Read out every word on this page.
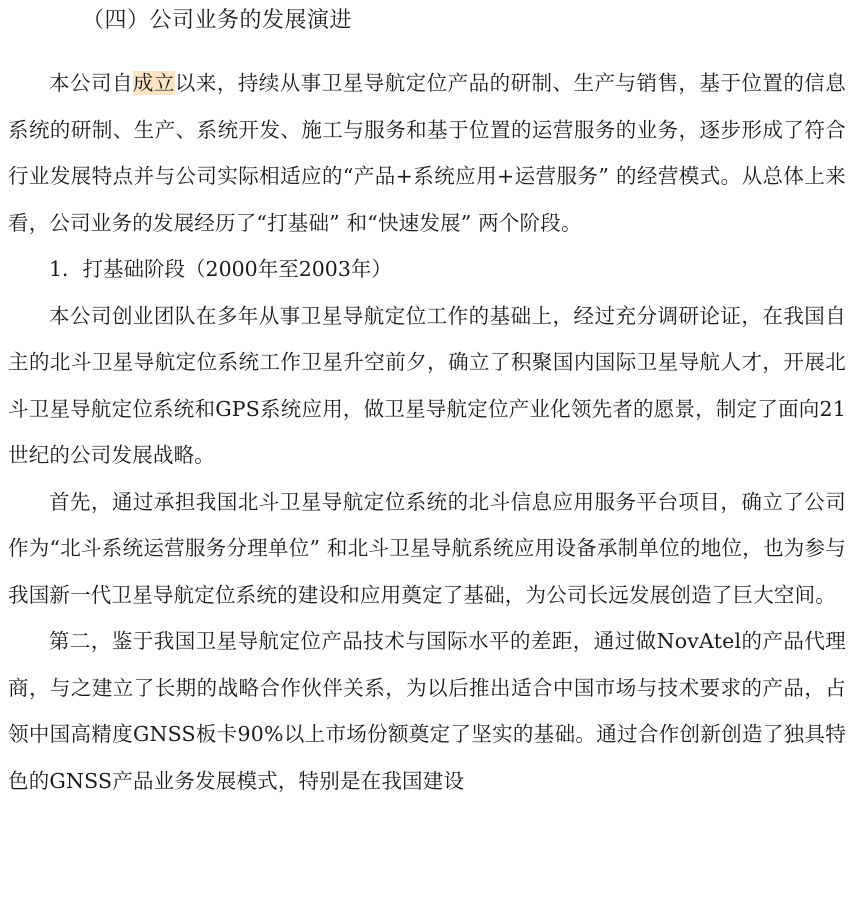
（四）公司业务的发展演进

本公司自成立以来，持续从事卫星导航定位产品的研制、生产与销售，基于位置的信息系统的研制、生产、系统开发、施工与服务和基于位置的运营服务的业务，逐步形成了符合行业发展特点并与公司实际相适应的“产品+系统应用+运营服务” 的经营模式。从总体上来看，公司业务的发展经历了“打基础” 和“快速发展” 两个阶段。

1．打基础阶段（2000年至2003年）

本公司创业团队在多年从事卫星导航定位工作的基础上，经过充分调研论证，在我国自主的北斗卫星导航定位系统工作卫星升空前夕，确立了积聚国内国际卫星导航人才，开展北斗卫星导航定位系统和GPS系统应用，做卫星导航定位产业化领先者的愿景，制定了面向21世纪的公司发展战略。

首先，通过承担我国北斗卫星导航定位系统的北斗信息应用服务平台项目，确立了公司作为“北斗系统运营服务分理单位” 和北斗卫星导航系统应用设备承制单位的地位，也为参与我国新一代卫星导航定位系统的建设和应用奠定了基础，为公司长远发展创造了巨大空间。

第二，鉴于我国卫星导航定位产品技术与国际水平的差距，通过做NovAtel的产品代理商，与之建立了长期的战略合作伙伴关系，为以后推出适合中国市场与技术要求的产品，占领中国高精度GNSS板卡90%以上市场份额奠定了坚实的基础。通过合作创新创造了独具特色的GNSS产品业务发展模式，特别是在我国建设
